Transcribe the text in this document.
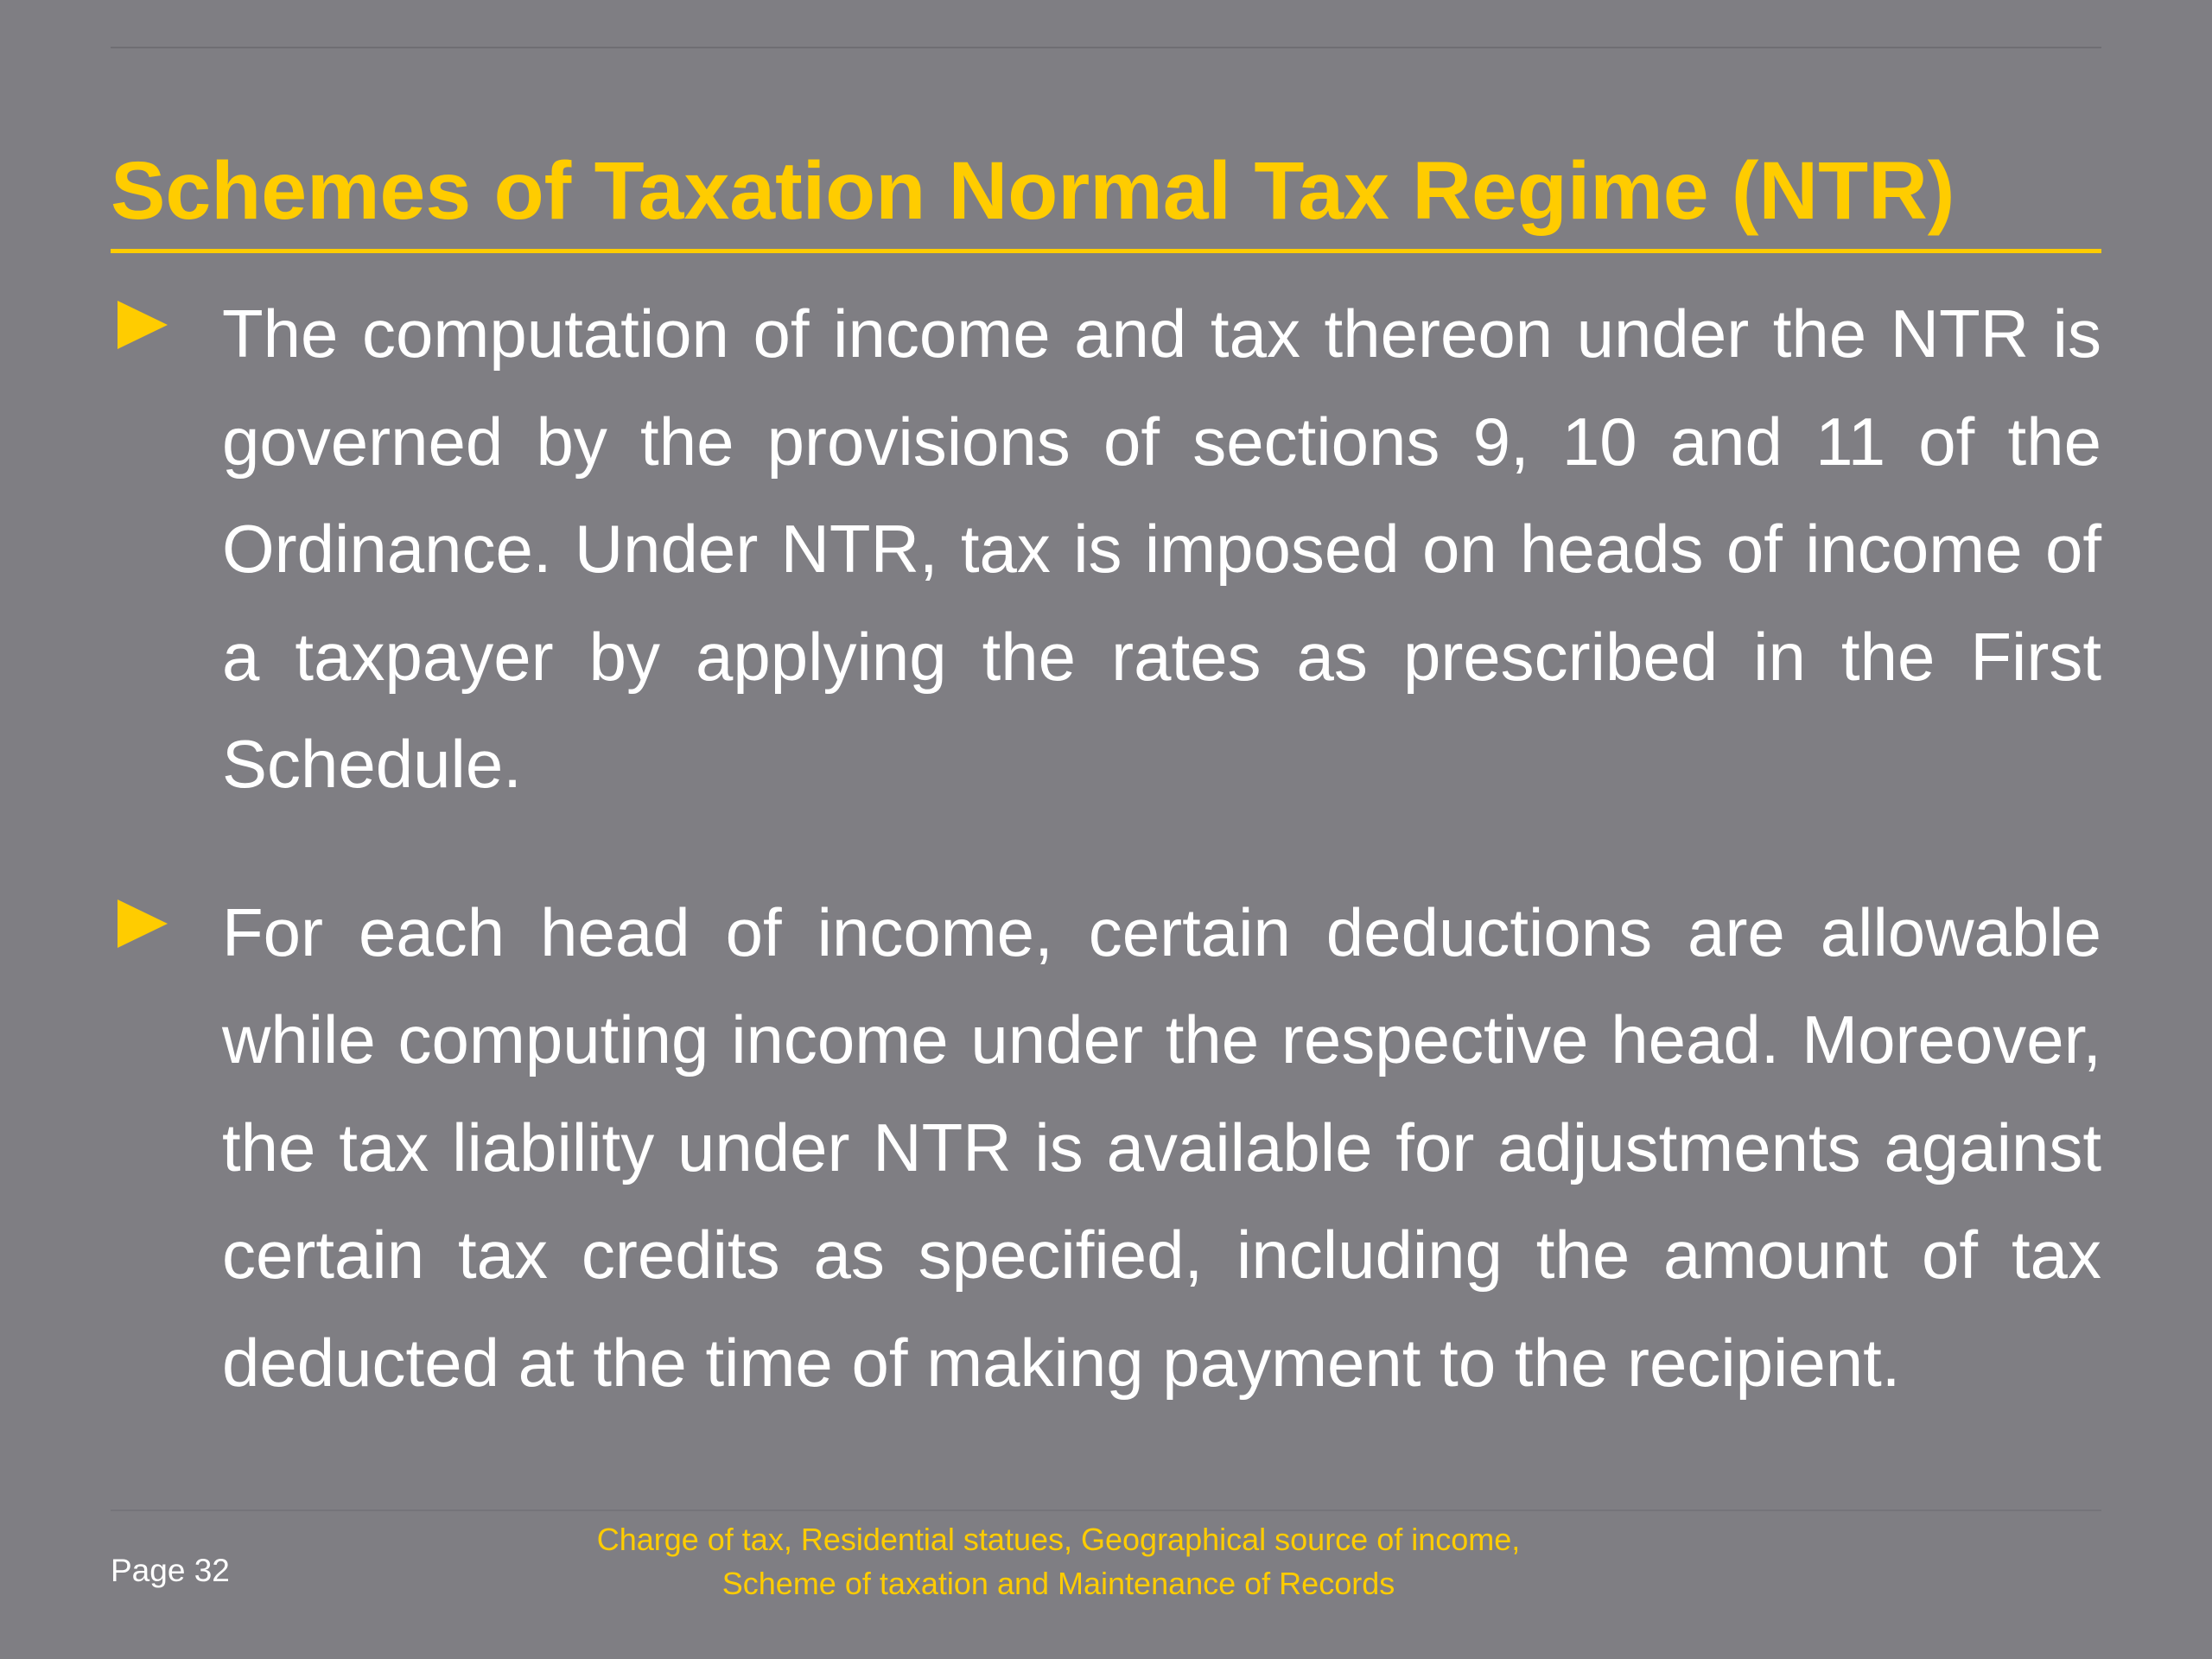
Schemes of Taxation Normal Tax Regime (NTR)

The computation of income and tax thereon under the NTR is governed by the provisions of sections 9, 10 and 11 of the Ordinance. Under NTR, tax is imposed on heads of income of a taxpayer by applying the rates as prescribed in the First Schedule.

For each head of income, certain deductions are allowable while computing income under the respective head. Moreover, the tax liability under NTR is available for adjustments against certain tax credits as specified, including the amount of tax deducted at the time of making payment to the recipient.

Page 32
Charge of tax, Residential statues, Geographical source of income,
Scheme of taxation and Maintenance of Records
